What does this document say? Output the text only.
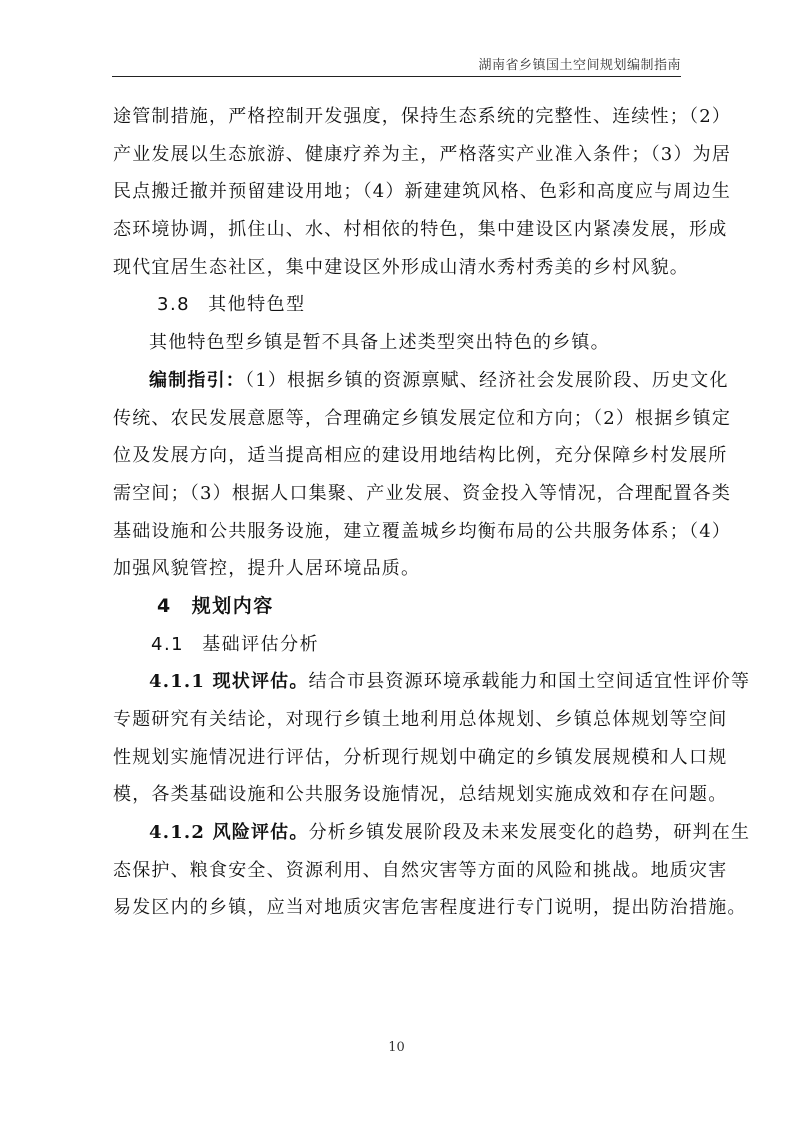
湖南省乡镇国土空间规划编制指南
途管制措施，严格控制开发强度，保持生态系统的完整性、连续性；（2）
产业发展以生态旅游、健康疗养为主，严格落实产业准入条件；（3）为居
民点搬迁撤并预留建设用地；（4）新建建筑风格、色彩和高度应与周边生
态环境协调，抓住山、水、村相依的特色，集中建设区内紧凑发展，形成
现代宜居生态社区，集中建设区外形成山清水秀村秀美的乡村风貌。
3.8 其他特色型
其他特色型乡镇是暂不具备上述类型突出特色的乡镇。
编制指引：（1）根据乡镇的资源禀赋、经济社会发展阶段、历史文化
传统、农民发展意愿等，合理确定乡镇发展定位和方向；（2）根据乡镇定
位及发展方向，适当提高相应的建设用地结构比例，充分保障乡村发展所
需空间；（3）根据人口集聚、产业发展、资金投入等情况，合理配置各类
基础设施和公共服务设施，建立覆盖城乡均衡布局的公共服务体系；（4）
加强风貌管控，提升人居环境品质。
4 规划内容
4.1 基础评估分析
4.1.1 现状评估。结合市县资源环境承载能力和国土空间适宜性评价等
专题研究有关结论，对现行乡镇土地利用总体规划、乡镇总体规划等空间
性规划实施情况进行评估，分析现行规划中确定的乡镇发展规模和人口规
模，各类基础设施和公共服务设施情况，总结规划实施成效和存在问题。
4.1.2 风险评估。分析乡镇发展阶段及未来发展变化的趋势，研判在生
态保护、粮食安全、资源利用、自然灾害等方面的风险和挑战。地质灾害
易发区内的乡镇，应当对地质灾害危害程度进行专门说明，提出防治措施。
10
